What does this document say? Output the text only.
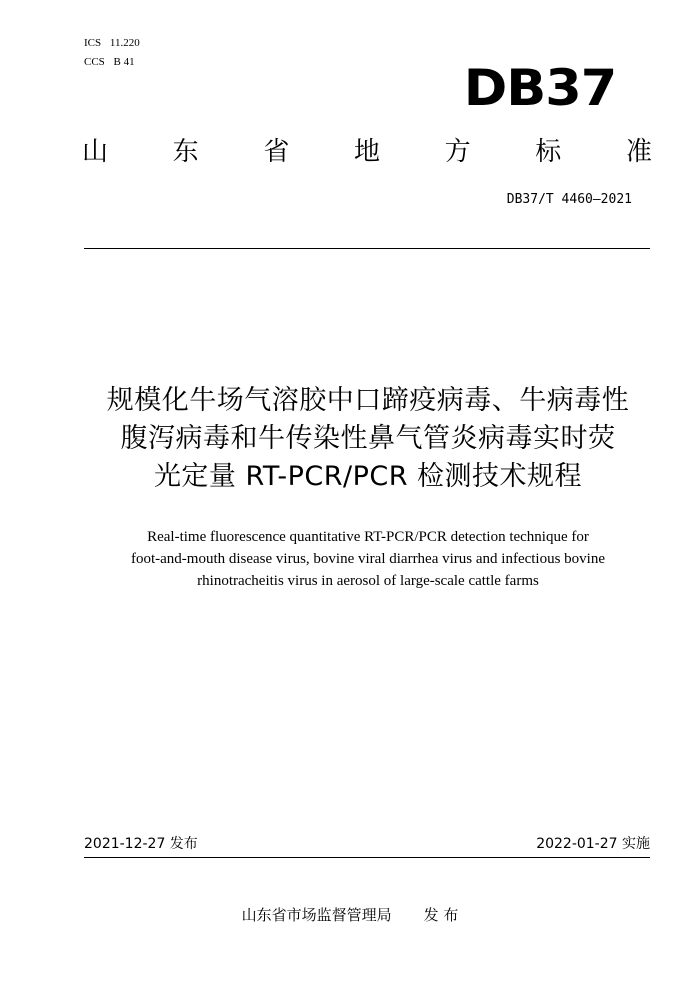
ICS 11.220
CCS B 41	DB37
山 东 省 地 方 标 准
DB37/T 4460—2021
规模化牛场气溶胶中口蹄疫病毒、牛病毒性
腹泻病毒和牛传染性鼻气管炎病毒实时荧
光定量 RT-PCR/PCR 检测技术规程
Real-time fluorescence quantitative RT-PCR/PCR detection technique for
foot-and-mouth disease virus, bovine viral diarrhea virus and infectious bovine
rhinotracheitis virus in aerosol of large-scale cattle farms
2021-12-27 发布	2022-01-27 实施
山东省市场监督管理局 发 布
